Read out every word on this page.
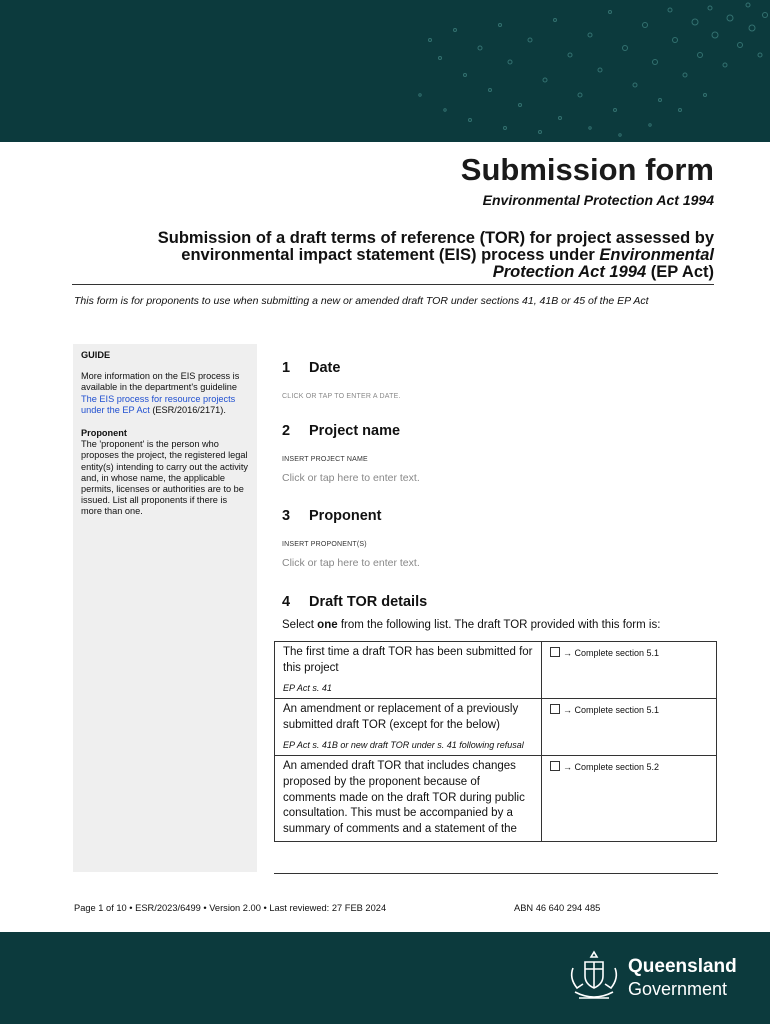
Submission form
Environmental Protection Act 1994
Submission of a draft terms of reference (TOR) for project assessed by
environmental impact statement (EIS) process under Environmental
Protection Act 1994 (EP Act)
This form is for proponents to use when submitting a new or amended draft TOR under sections 41, 41B or 45 of the EP Act
GUIDE
More information on the EIS process is available in the department's guideline The EIS process for resource projects under the EP Act (ESR/2016/2171).
Proponent
The 'proponent' is the person who proposes the project, the registered legal entity(s) intending to carry out the activity and, in whose name, the applicable permits, licenses or authorities are to be issued. List all proponents if there is more than one.
1 Date
CLICK OR TAP TO ENTER A DATE.
2 Project name
INSERT PROJECT NAME
Click or tap here to enter text.
3 Proponent
INSERT PROPONENT(S)
Click or tap here to enter text.
4 Draft TOR details
Select one from the following list. The draft TOR provided with this form is:
The first time a draft TOR has been submitted for this project
EP Act s. 41	→ Complete section 5.1

An amendment or replacement of a previously submitted draft TOR (except for the below)
EP Act s. 41B or new draft TOR under s. 41 following refusal	→ Complete section 5.1

An amended draft TOR that includes changes proposed by the proponent because of comments made on the draft TOR during public consultation. This must be accompanied by a summary of comments and a statement of the	→ Complete section 5.2
Page 1 of 10 • ESR/2023/6499 • Version 2.00 • Last reviewed: 27 FEB 2024	ABN 46 640 294 485
Queensland
Government
